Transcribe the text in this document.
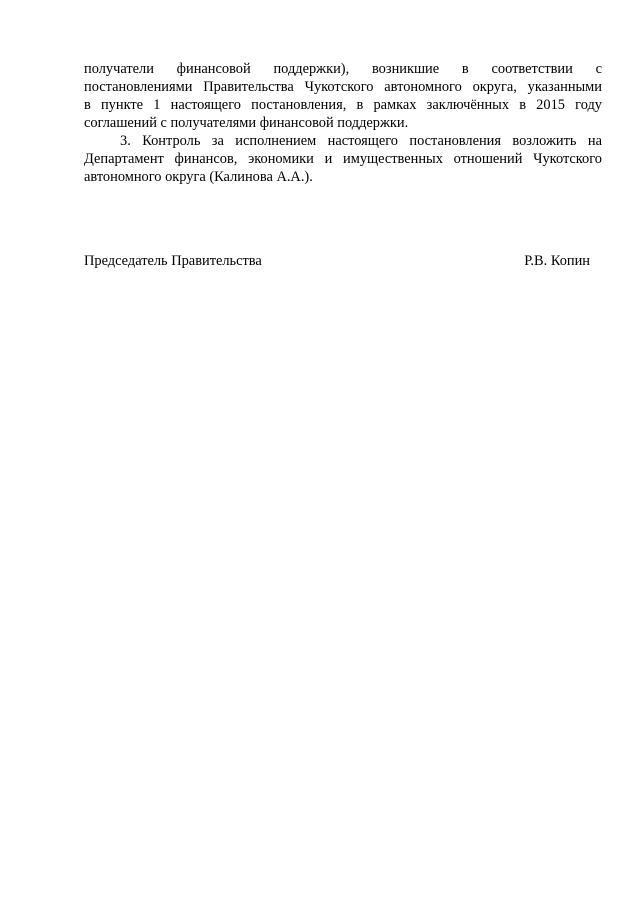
получатели финансовой поддержки), возникшие в соответствии с
постановлениями Правительства Чукотского автономного округа, указанными
в пункте 1 настоящего постановления, в рамках заключённых в 2015 году
соглашений с получателями финансовой поддержки.

3. Контроль за исполнением настоящего постановления возложить на
Департамент финансов, экономики и имущественных отношений Чукотского
автономного округа (Калинова А.А.).

Председатель Правительства	Р.В. Копин
